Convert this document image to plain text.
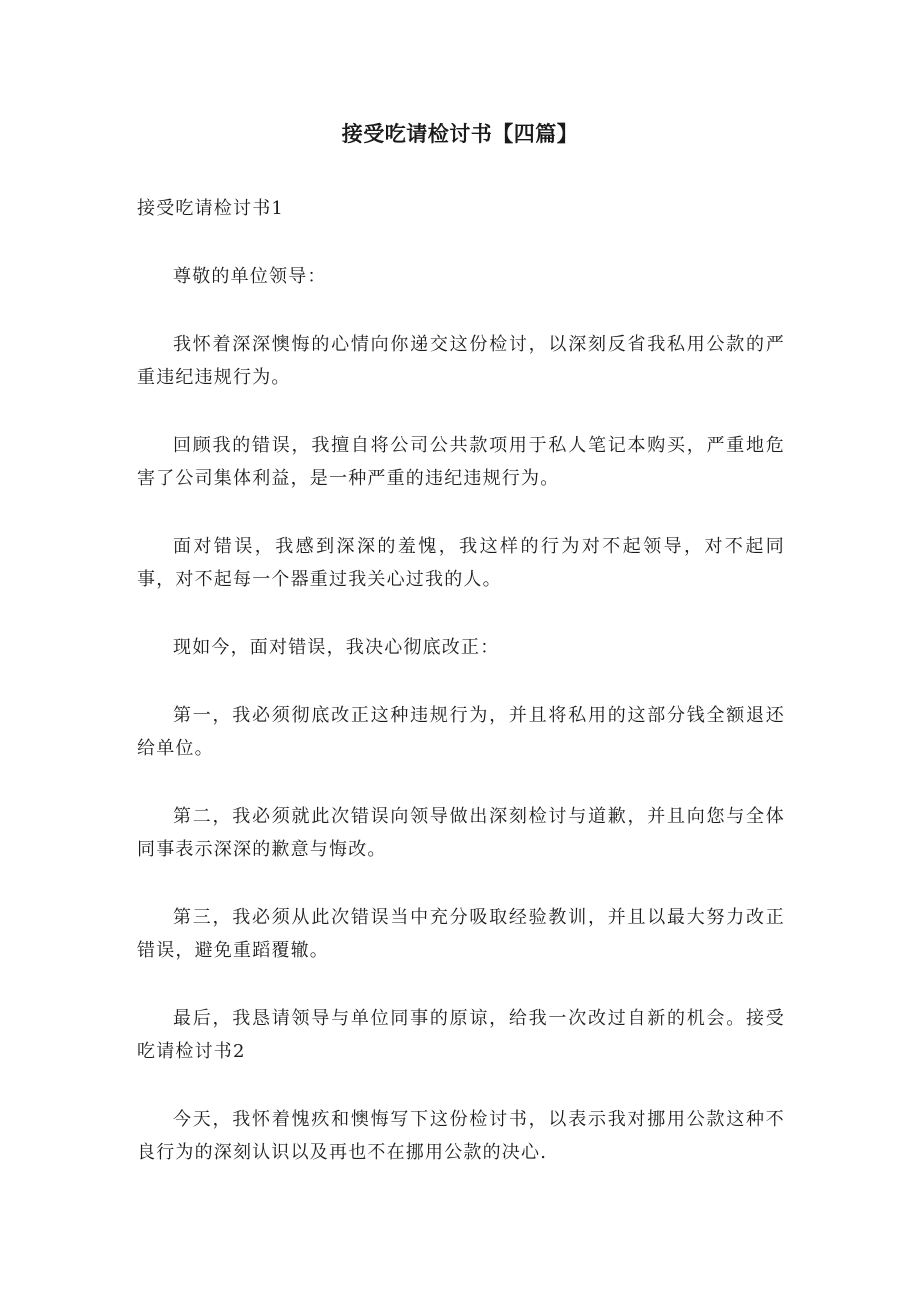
接受吃请检讨书【四篇】

接受吃请检讨书1

尊敬的单位领导：

我怀着深深懊悔的心情向你递交这份检讨，以深刻反省我私用公款的严重违纪违规行为。

回顾我的错误，我擅自将公司公共款项用于私人笔记本购买，严重地危害了公司集体利益，是一种严重的违纪违规行为。

面对错误，我感到深深的羞愧，我这样的行为对不起领导，对不起同事，对不起每一个器重过我关心过我的人。

现如今，面对错误，我决心彻底改正：

第一，我必须彻底改正这种违规行为，并且将私用的这部分钱全额退还给单位。

第二，我必须就此次错误向领导做出深刻检讨与道歉，并且向您与全体同事表示深深的歉意与悔改。

第三，我必须从此次错误当中充分吸取经验教训，并且以最大努力改正错误，避免重蹈覆辙。

最后，我恳请领导与单位同事的原谅，给我一次改过自新的机会。接受吃请检讨书2

今天，我怀着愧疚和懊悔写下这份检讨书，以表示我对挪用公款这种不良行为的深刻认识以及再也不在挪用公款的决心.
